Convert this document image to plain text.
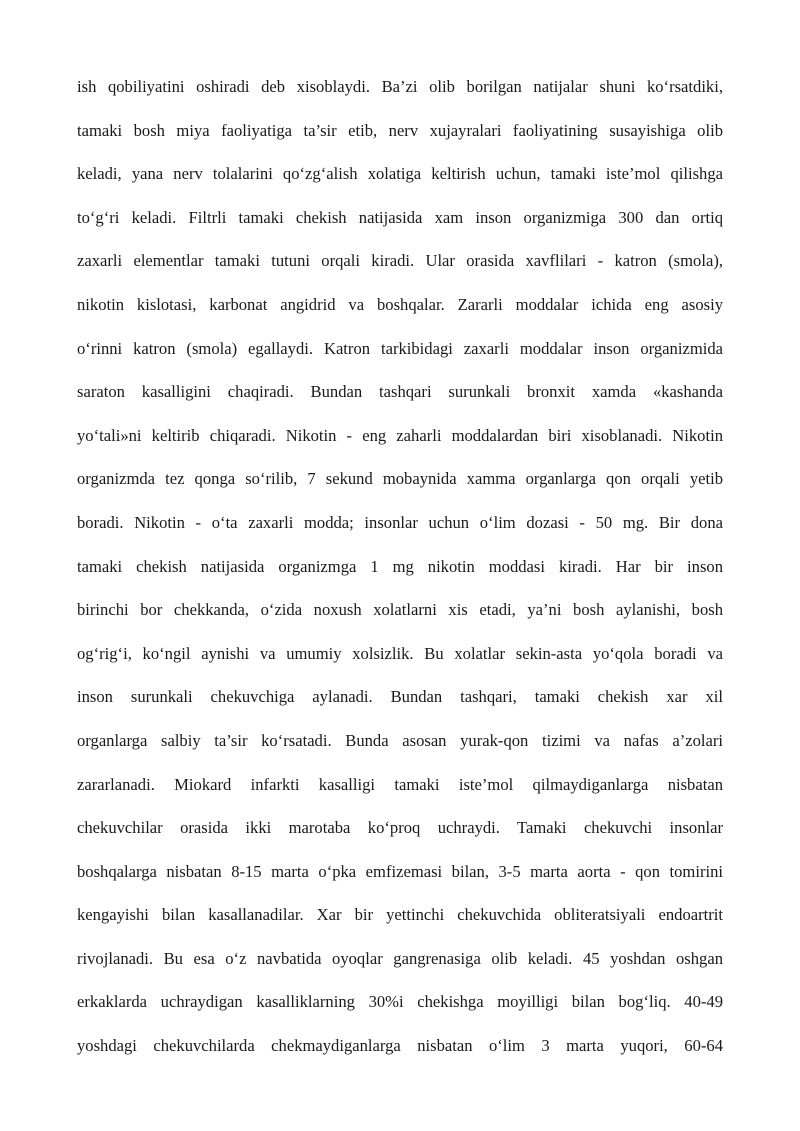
ish qobiliyatini oshiradi deb xisoblaydi. Ba’zi olib borilgan natijalar shuni ko‘rsatdiki,
tamaki bosh miya faoliyatiga ta’sir etib, nerv xujayralari faoliyatining susayishiga olib
keladi, yana nerv tolalarini qo‘zg‘alish xolatiga keltirish uchun, tamaki iste’mol qilishga
to‘g‘ri keladi. Filtrli tamaki chekish natijasida xam inson organizmiga 300 dan ortiq
zaxarli elementlar tamaki tutuni orqali kiradi. Ular orasida xavflilari - katron (smola),
nikotin kislotasi, karbonat angidrid va boshqalar. Zararli moddalar ichida eng asosiy
o‘rinni katron (smola) egallaydi. Katron tarkibidagi zaxarli moddalar inson organizmida
saraton kasalligini chaqiradi. Bundan tashqari surunkali bronxit xamda «kashanda
yo‘tali»ni keltirib chiqaradi. Nikotin - eng zaharli moddalardan biri xisoblanadi. Nikotin
organizmda tez qonga so‘rilib, 7 sekund mobaynida xamma organlarga qon orqali yetib
boradi. Nikotin - o‘ta zaxarli modda; insonlar uchun o‘lim dozasi - 50 mg. Bir dona
tamaki chekish natijasida organizmga 1 mg nikotin moddasi kiradi. Har bir inson
birinchi bor chekkanda, o‘zida noxush xolatlarni xis etadi, ya’ni bosh aylanishi, bosh
og‘rig‘i, ko‘ngil aynishi va umumiy xolsizlik. Bu xolatlar sekin-asta yo‘qola boradi va
inson surunkali chekuvchiga aylanadi. Bundan tashqari, tamaki chekish xar xil
organlarga salbiy ta’sir ko‘rsatadi. Bunda asosan yurak-qon tizimi va nafas a’zolari
zararlanadi. Miokard infarkti kasalligi tamaki iste’mol qilmaydiganlarga nisbatan
chekuvchilar orasida ikki marotaba ko‘proq uchraydi. Tamaki chekuvchi insonlar
boshqalarga nisbatan 8-15 marta o‘pka emfizemasi bilan, 3-5 marta aorta - qon tomirini
kengayishi bilan kasallanadilar. Xar bir yettinchi chekuvchida obliteratsiyali endoartrit
rivojlanadi. Bu esa o‘z navbatida oyoqlar gangrenasiga olib keladi. 45 yoshdan oshgan
erkaklarda uchraydigan kasalliklarning 30%i chekishga moyilligi bilan bog‘liq. 40-49
yoshdagi chekuvchilarda chekmaydiganlarga nisbatan o‘lim 3 marta yuqori, 60-64
